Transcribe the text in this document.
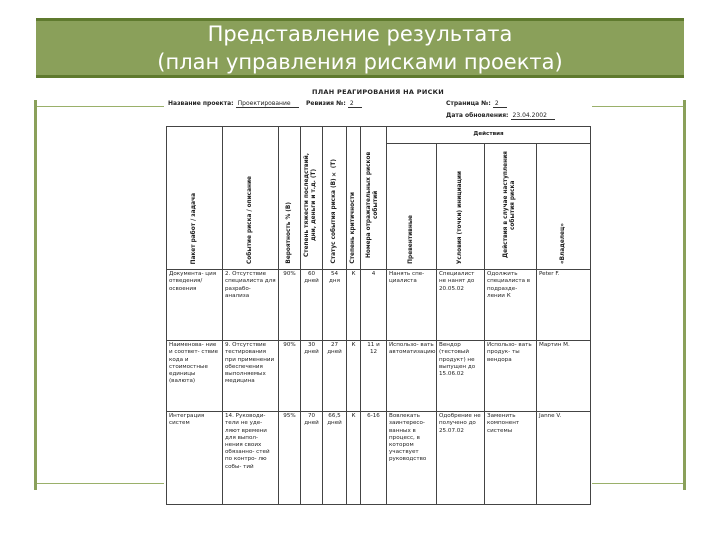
Представление результата
(план управления рисками проекта)
ПЛАН РЕАГИРОВАНИЯ НА РИСКИ
Название проекта: Проектирование	Ревизия №: 2	Страница №: 2
Дата обновления: 23.04.2002
Пакет работ / задача	Событие риска / описание	Вероятность % (В)	Степень тяжести последствий, дни, деньги и т.д. (Т)	Статус события риска (В) × (Т)	Степень критичности	Номера отражательных рисков событий	Действия			
							Превентивные	Условия (точки) инициации	Действия в случае наступления события риска	«Владелец»
Документа- ция отведения/ освоения	2. Отсутствие специалиста для разрабо- анализа	90%	60 дней	54 дня	К	4	Нанять спе- циалиста	Специалист не нанят до 20.05.02	Одолжить специалиста в подразде- лении К	Peter F.
Наименова- ние и соответ- ствие кода и стоимостные единицы (валюта)	9. Отсутствие тестирования при применении обеспечения выполняемых медицина	90%	30 дней	27 дней	К	11 и 12	Использо- вать автоматизацию	Вендор (тестовый продукт) не выпущен до 15.06.02	Использо- вать продук- ты вендора	Мартин М.
Интеграция систем	14. Руководи- тели не уде- ляют времени для выпол- нения своих обязанно- стей по контро- лю собы- тий	95%	70 дней	66,5 дней	К	6-16	Вовлекать заинтересо- ванных в процесс, в котором участвует руководство	Одобрение не получено до 25.07.02	Заменить компонент системы	Janne V.
